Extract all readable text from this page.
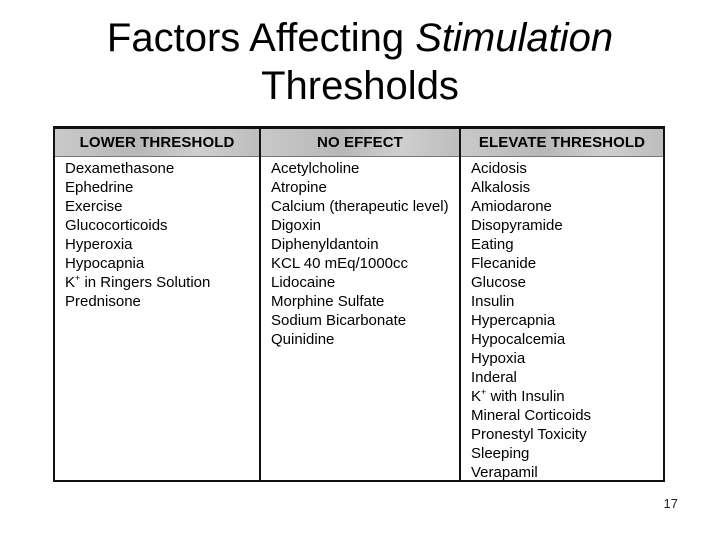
Factors Affecting Stimulation
Thresholds
LOWER THRESHOLD
Dexamethasone
Ephedrine
Exercise
Glucocorticoids
Hyperoxia
Hypocapnia
K+ in Ringers Solution
Prednisone
NO EFFECT
Acetylcholine
Atropine
Calcium (therapeutic level)
Digoxin
Diphenyldantoin
KCL 40 mEq/1000cc
Lidocaine
Morphine Sulfate
Sodium Bicarbonate
Quinidine
ELEVATE THRESHOLD
Acidosis
Alkalosis
Amiodarone
Disopyramide
Eating
Flecanide
Glucose
Insulin
Hypercapnia
Hypocalcemia
Hypoxia
Inderal
K+ with Insulin
Mineral Corticoids
Pronestyl Toxicity
Sleeping
Verapamil
17
